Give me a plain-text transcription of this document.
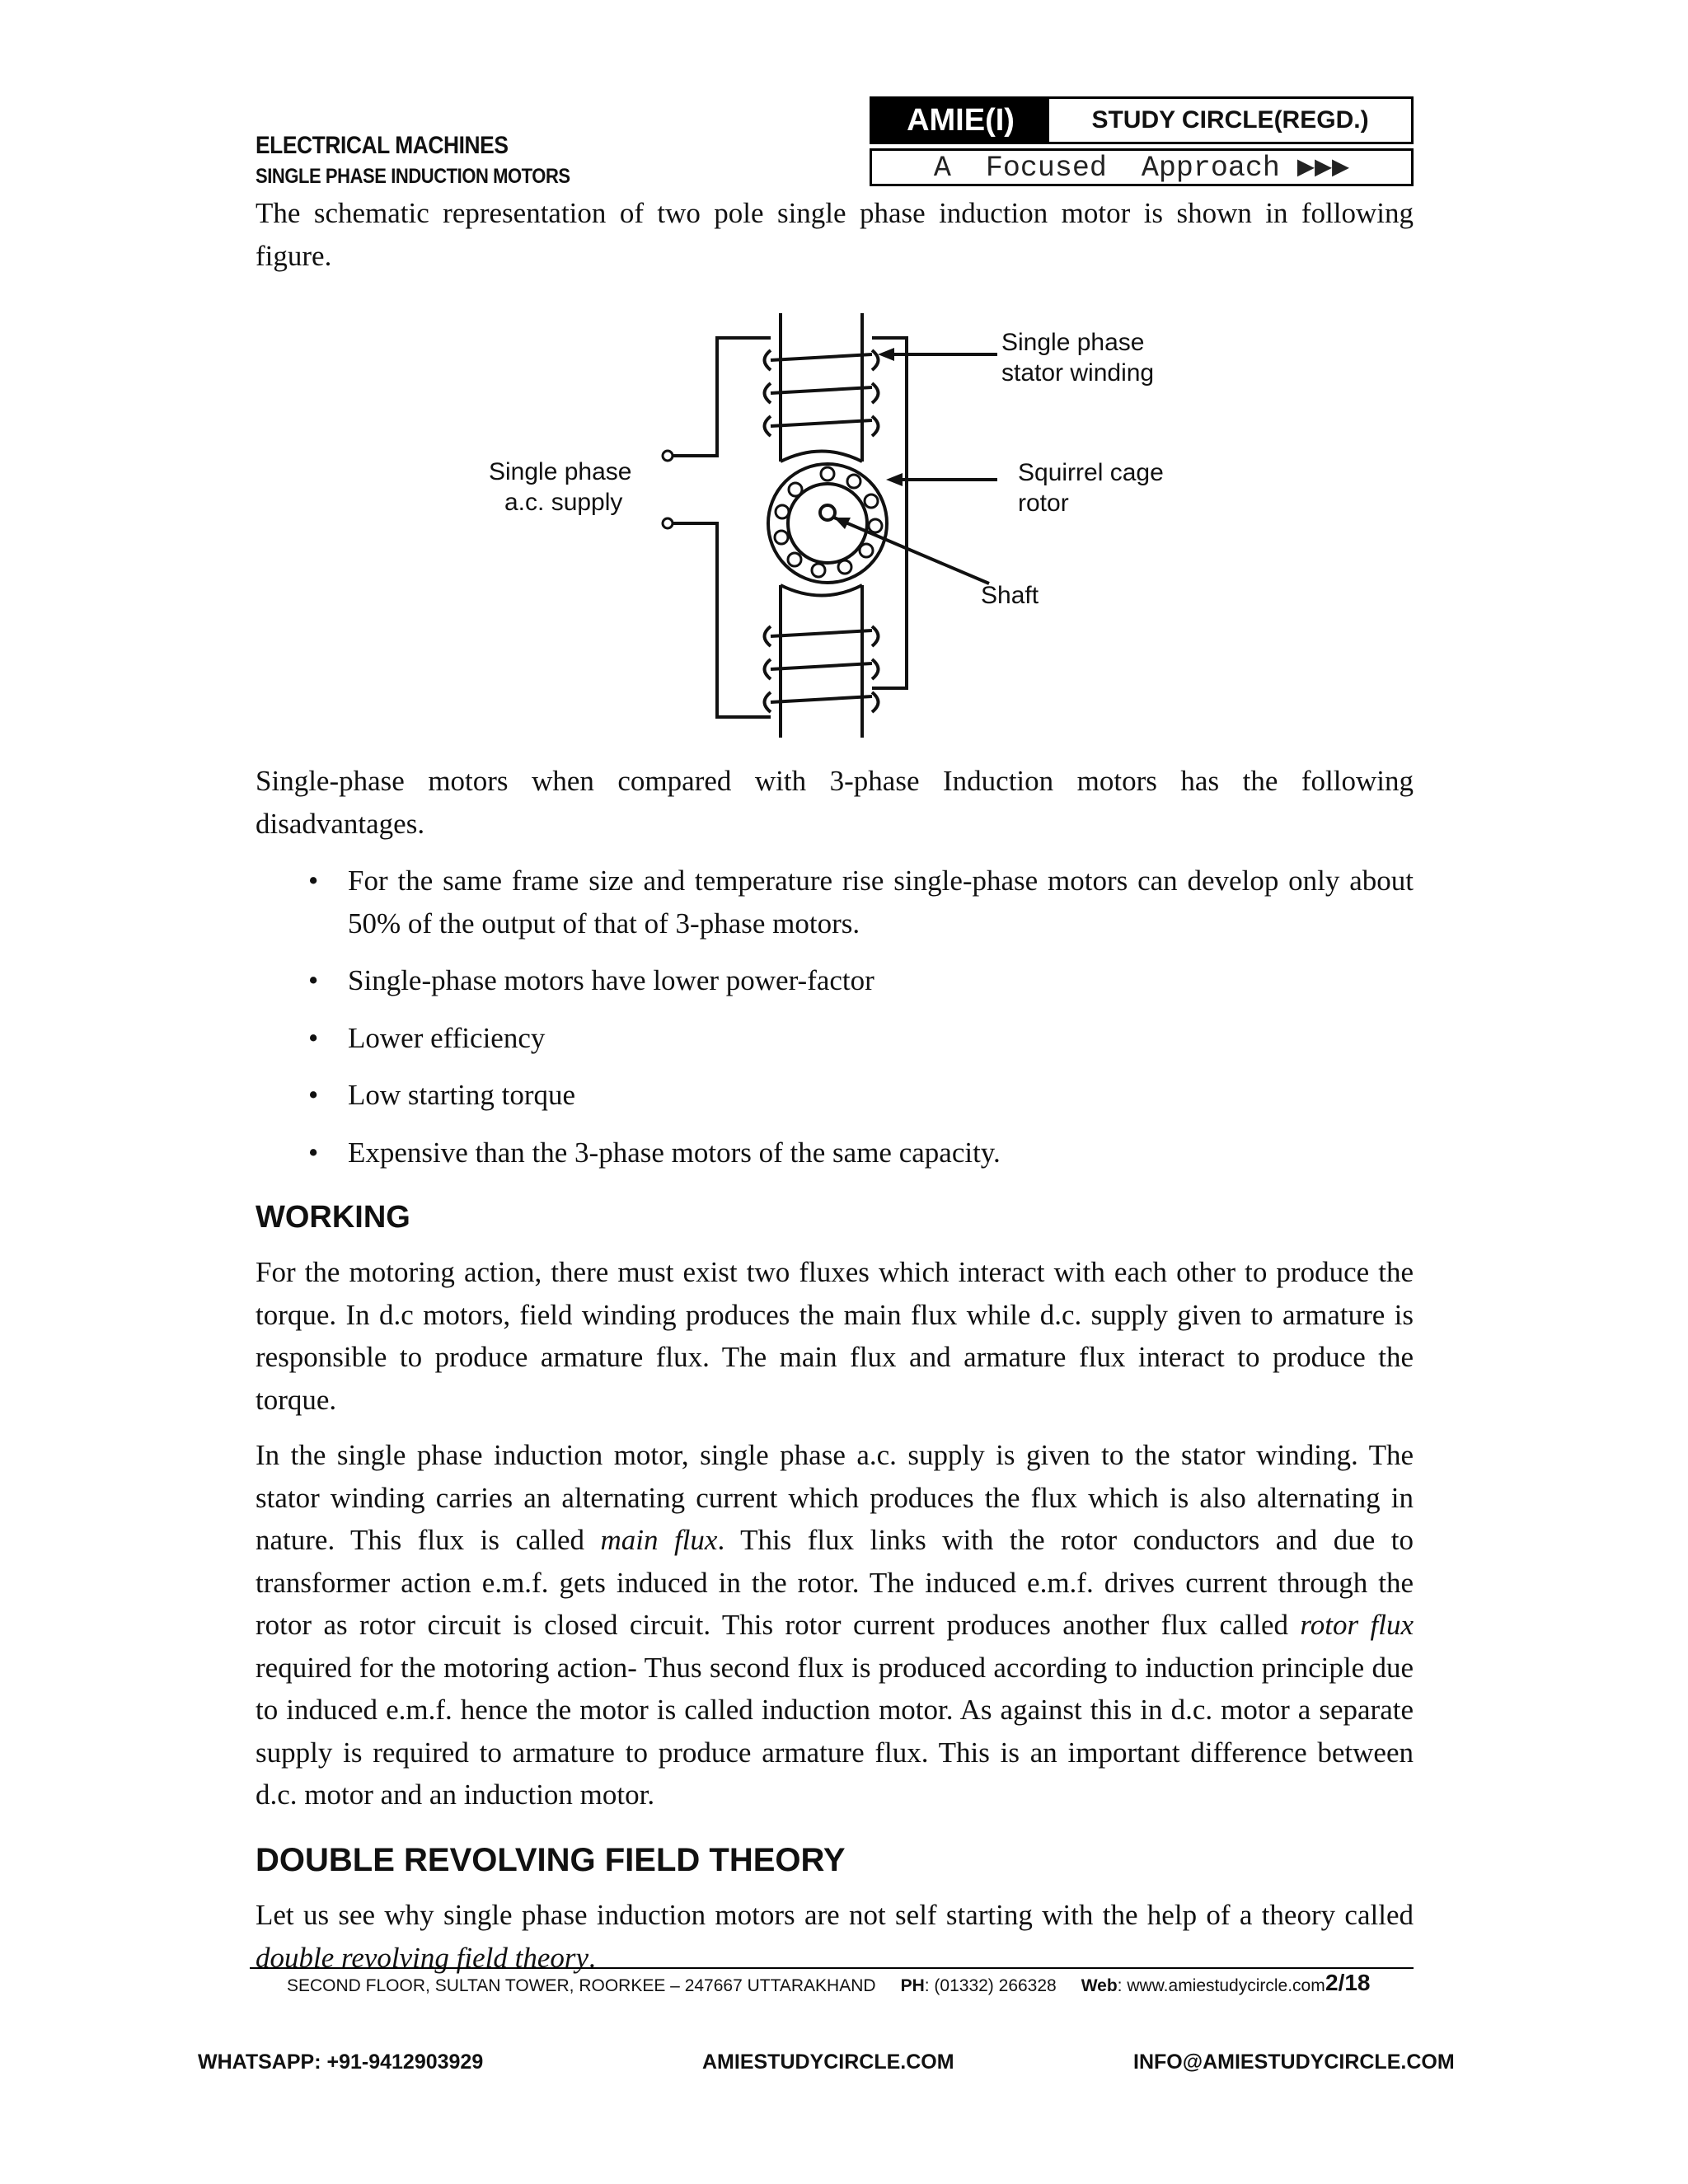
ELECTRICAL MACHINES
SINGLE PHASE INDUCTION MOTORS
AMIE(I)	STUDY CIRCLE(REGD.)
A  Focused  Approach ▶▶▶
The schematic representation of two pole single phase induction motor is shown in following figure.
Single phase
stator winding
Single phase
a.c. supply
Squirrel cage
rotor
Shaft
Single-phase motors when compared with 3-phase Induction motors has the following disadvantages.
• For the same frame size and temperature rise single-phase motors can develop only about 50% of the output of that of 3-phase motors.
• Single-phase motors have lower power-factor
• Lower efficiency
• Low starting torque
• Expensive than the 3-phase motors of the same capacity.
WORKING
For the motoring action, there must exist two fluxes which interact with each other to produce the torque. In d.c motors, field winding produces the main flux while d.c. supply given to armature is responsible to produce armature flux. The main flux and armature flux interact to produce the torque.
In the single phase induction motor, single phase a.c. supply is given to the stator winding. The stator winding carries an alternating current which produces the flux which is also alternating in nature. This flux is called main flux. This flux links with the rotor conductors and due to transformer action e.m.f. gets induced in the rotor. The induced e.m.f. drives current through the rotor as rotor circuit is closed circuit. This rotor current produces another flux called rotor flux required for the motoring action- Thus second flux is produced according to induction principle due to induced e.m.f. hence the motor is called induction motor. As against this in d.c. motor a separate supply is required to armature to produce armature flux. This is an important difference between d.c. motor and an induction motor.
DOUBLE REVOLVING FIELD THEORY
Let us see why single phase induction motors are not self starting with the help of a theory called double revolving field theory.
SECOND FLOOR, SULTAN TOWER, ROORKEE – 247667 UTTARAKHAND PH: (01332) 266328 Web: www.amiestudycircle.com 2/18
WHATSAPP: +91-9412903929	AMIESTUDYCIRCLE.COM	INFO@AMIESTUDYCIRCLE.COM
